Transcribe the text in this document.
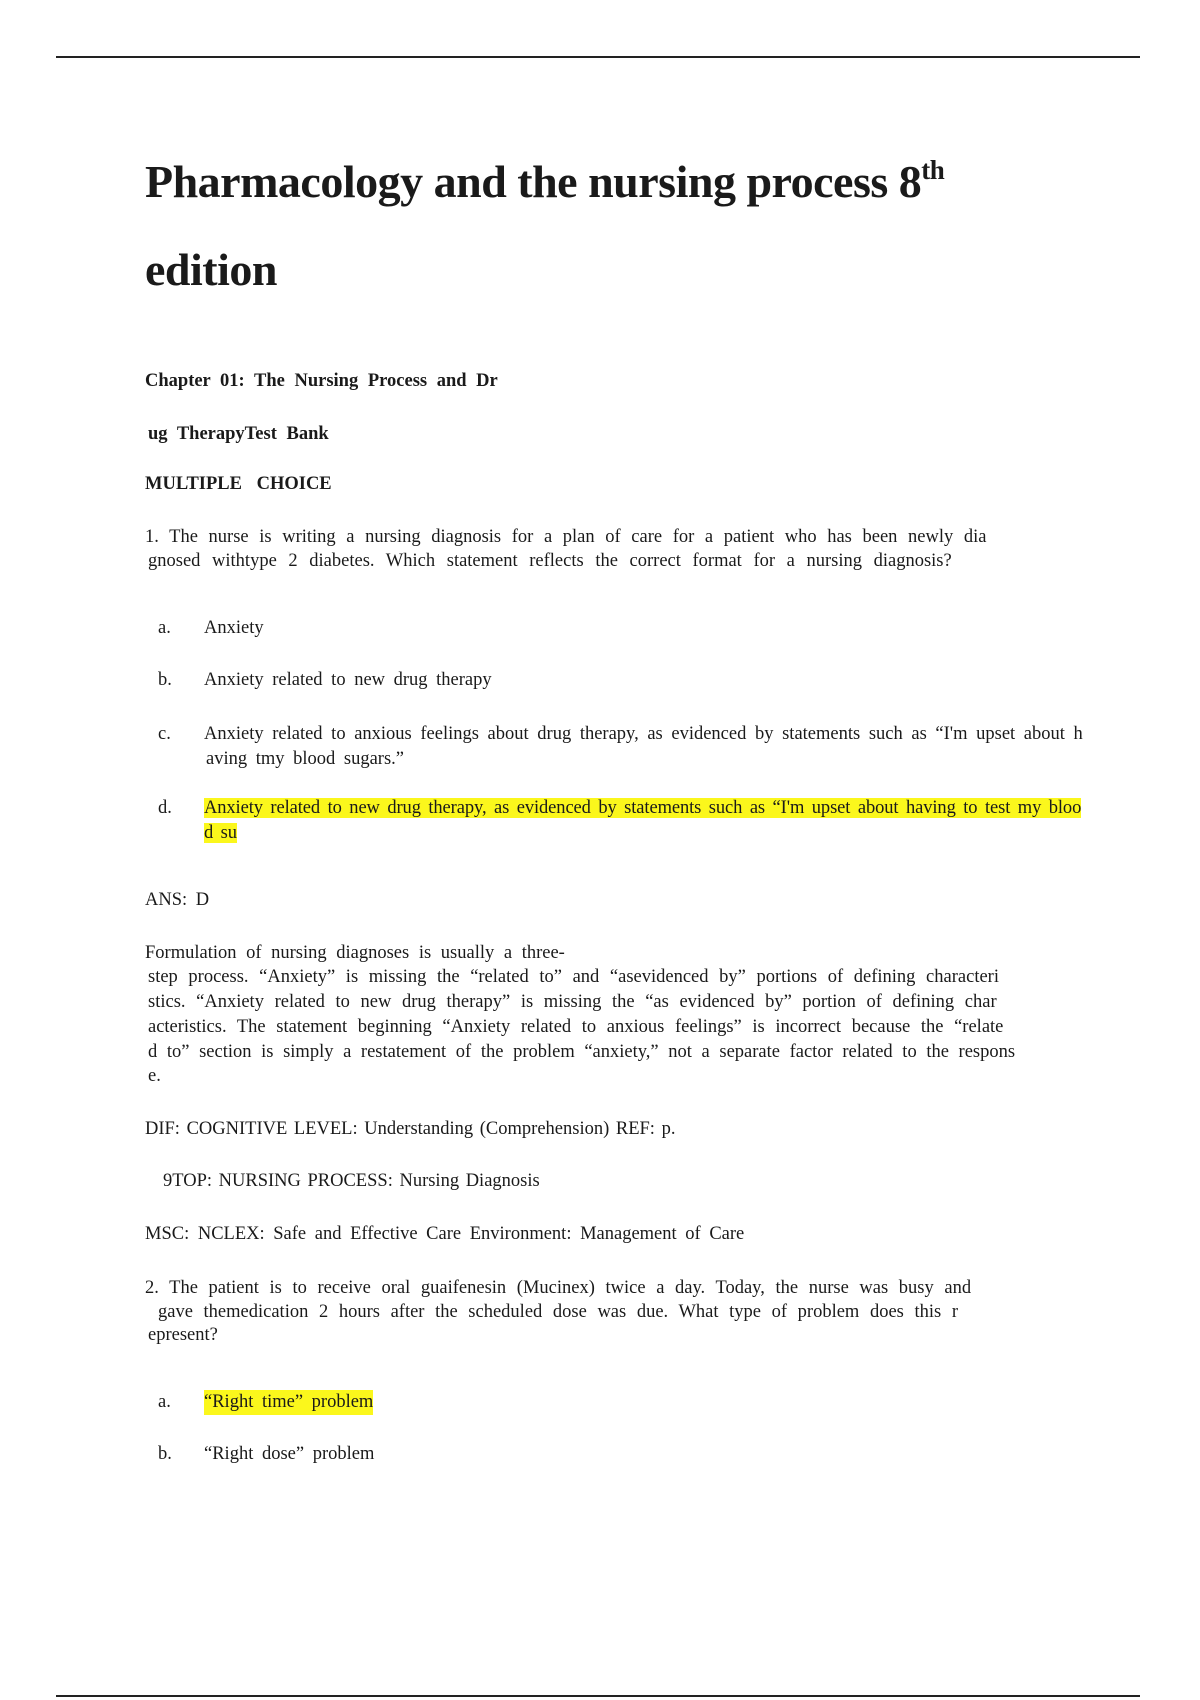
Pharmacology and the nursing process 8th
edition

Chapter 01: The Nursing Process and Dr

ug TherapyTest Bank

MULTIPLE CHOICE

1. The nurse is writing a nursing diagnosis for a plan of care for a patient who has been newly dia

gnosed withtype 2 diabetes. Which statement reflects the correct format for a nursing diagnosis?

a. Anxiety
b. Anxiety related to new drug therapy
c. Anxiety related to anxious feelings about drug therapy, as evidenced by statements such as “I'm upset about h
aving tmy blood sugars.”
d. Anxiety related to new drug therapy, as evidenced by statements such as “I'm upset about having to test my bloo
d su

ANS: D

Formulation of nursing diagnoses is usually a three-

step process. “Anxiety” is missing the “related to” and “asevidenced by” portions of defining characteri

stics. “Anxiety related to new drug therapy” is missing the “as evidenced by” portion of defining char

acteristics. The statement beginning “Anxiety related to anxious feelings” is incorrect because the “relate

d to” section is simply a restatement of the problem “anxiety,” not a separate factor related to the respons

e.

DIF: COGNITIVE LEVEL: Understanding (Comprehension) REF: p.

9TOP: NURSING PROCESS: Nursing Diagnosis

MSC: NCLEX: Safe and Effective Care Environment: Management of Care

2. The patient is to receive oral guaifenesin (Mucinex) twice a day. Today, the nurse was busy and

gave themedication 2 hours after the scheduled dose was due. What type of problem does this r

epresent?

a. “Right time” problem
b. “Right dose” problem
